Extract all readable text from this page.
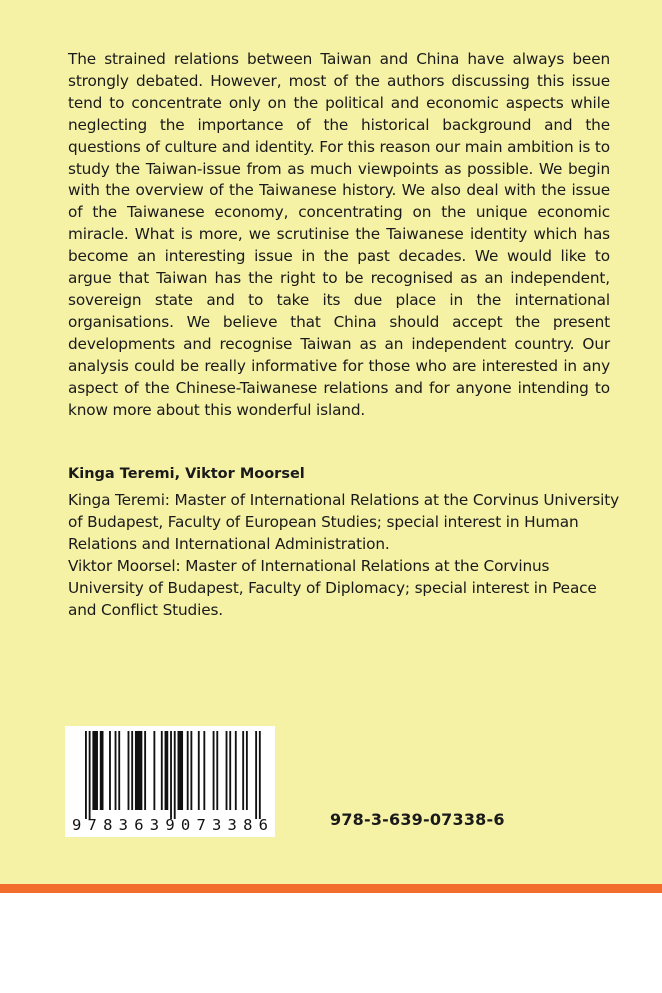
The strained relations between Taiwan and China have always been strongly debated. However, most of the authors discussing this issue tend to concentrate only on the political and economic aspects while neglecting the importance of the historical background and the questions of culture and identity. For this reason our main ambition is to study the Taiwan-issue from as much viewpoints as possible. We begin with the overview of the Taiwanese history. We also deal with the issue of the Taiwanese economy, concentrating on the unique economic miracle. What is more, we scrutinise the Taiwanese identity which has become an interesting issue in the past decades. We would like to argue that Taiwan has the right to be recognised as an independent, sovereign state and to take its due place in the international organisations. We believe that China should accept the present developments and recognise Taiwan as an independent country. Our analysis could be really informative for those who are interested in any aspect of the Chinese-Taiwanese relations and for anyone intending to know more about this wonderful island.

Kinga Teremi, Viktor Moorsel

Kinga Teremi: Master of International Relations at the Corvinus University of Budapest, Faculty of European Studies; special interest in Human Relations and International Administration.

Viktor Moorsel: Master of International Relations at the Corvinus University of Budapest, Faculty of Diplomacy; special interest in Peace and Conflict Studies.

9783639073386	978-3-639-07338-6
